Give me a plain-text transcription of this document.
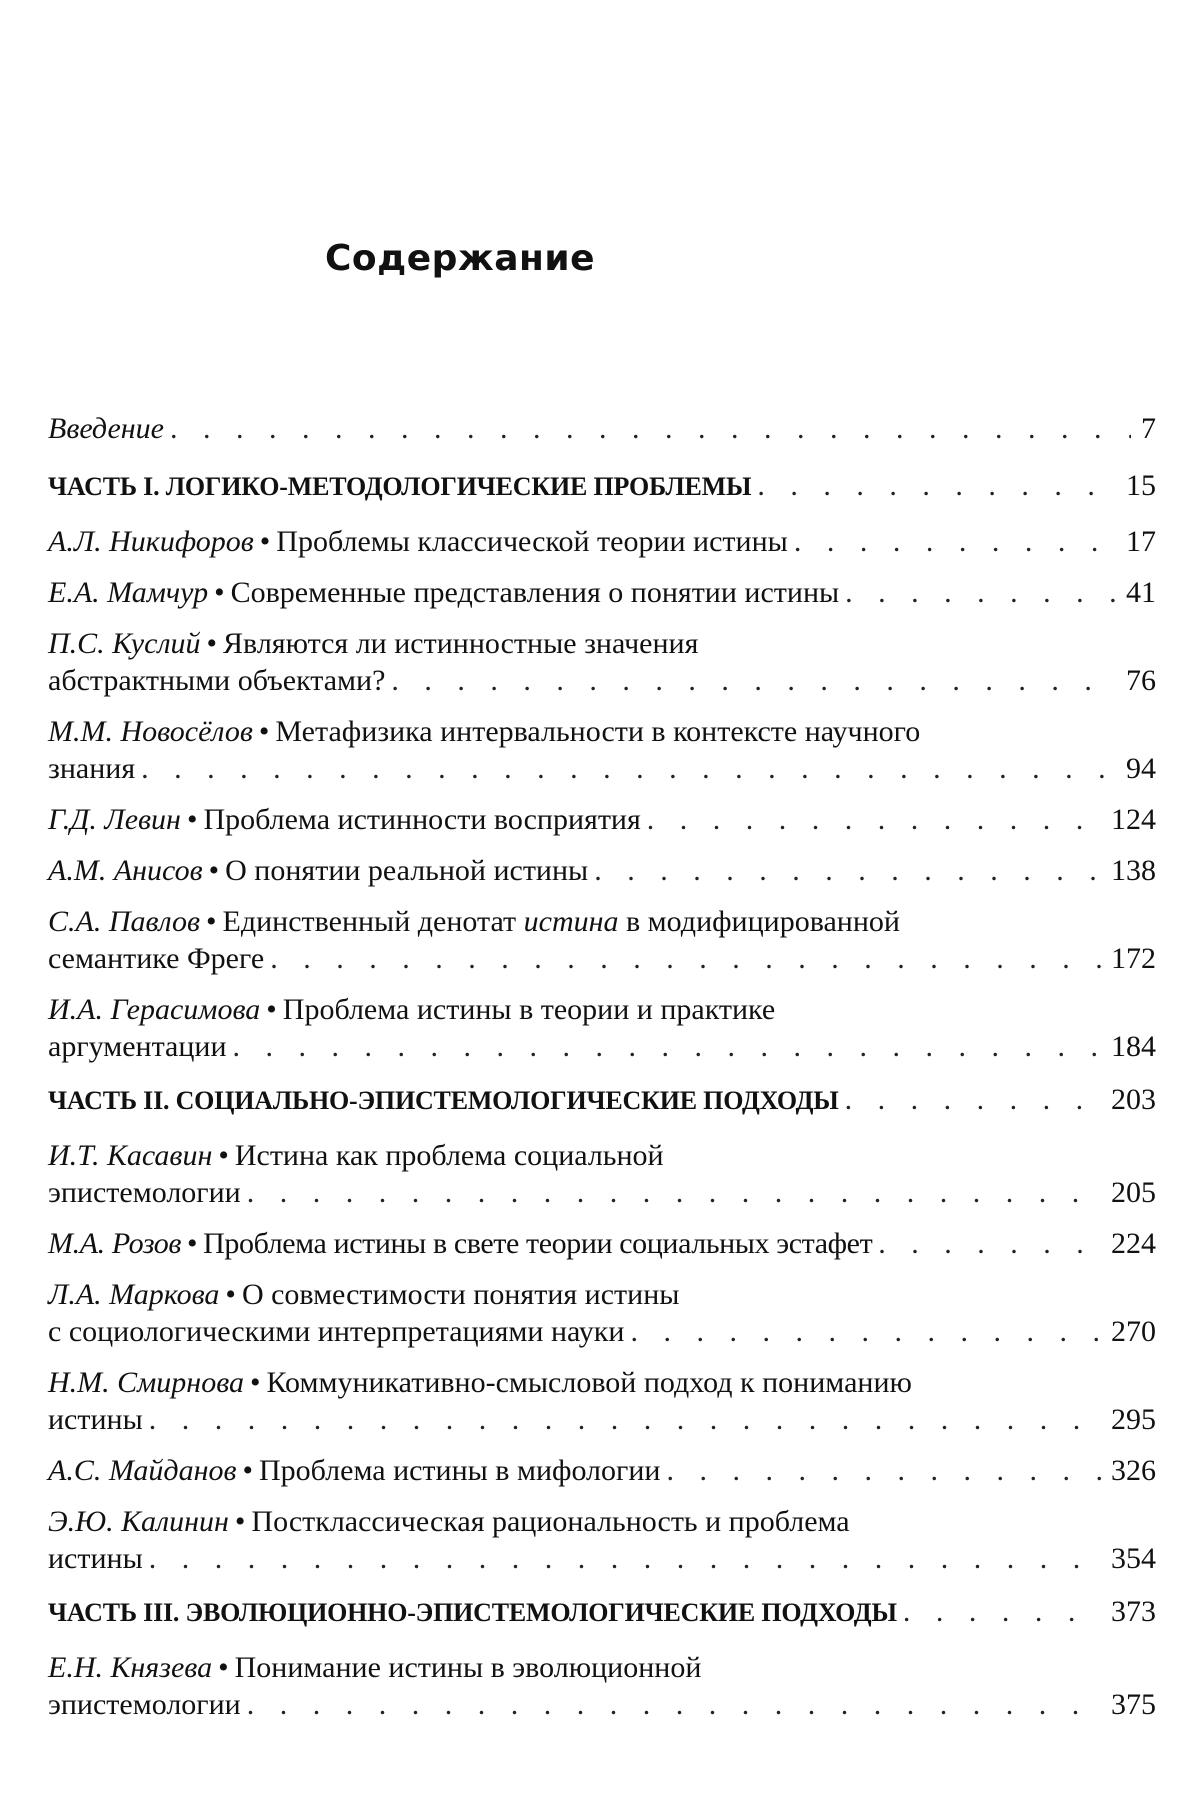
Содержание
Введение . . .	7
ЧАСТЬ I. ЛОГИКО-МЕТОДОЛОГИЧЕСКИЕ ПРОБЛЕМЫ . . .	15
А.Л. Никифоров • Проблемы классической теории истины . . .	17
Е.А. Мамчур • Современные представления о понятии истины . . .	41
П.С. Куслий • Являются ли истинностные значения
абстрактными объектами? . . .	76
М.М. Новосёлов • Метафизика интервальности в контексте научного
знания . . .	94
Г.Д. Левин • Проблема истинности восприятия . . .	124
А.М. Анисов • О понятии реальной истины . . .	138
С.А. Павлов • Единственный денотат истина в модифицированной
семантике Фреге . . .	172
И.А. Герасимова • Проблема истины в теории и практике
аргументации . . .	184
ЧАСТЬ II. СОЦИАЛЬНО-ЭПИСТЕМОЛОГИЧЕСКИЕ ПОДХОДЫ . . .	203
И.Т. Касавин • Истина как проблема социальной
эпистемологии . . .	205
М.А. Розов • Проблема истины в свете теории социальных эстафет . . .	224
Л.А. Маркова • О совместимости понятия истины
с социологическими интерпретациями науки . . .	270
Н.М. Смирнова • Коммуникативно-смысловой подход к пониманию
истины . . .	295
А.С. Майданов • Проблема истины в мифологии . . .	326
Э.Ю. Калинин • Постклассическая рациональность и проблема
истины . . .	354
ЧАСТЬ III. ЭВОЛЮЦИОННО-ЭПИСТЕМОЛОГИЧЕСКИЕ ПОДХОДЫ . . .	373
Е.Н. Князева • Понимание истины в эволюционной
эпистемологии . . .	375
